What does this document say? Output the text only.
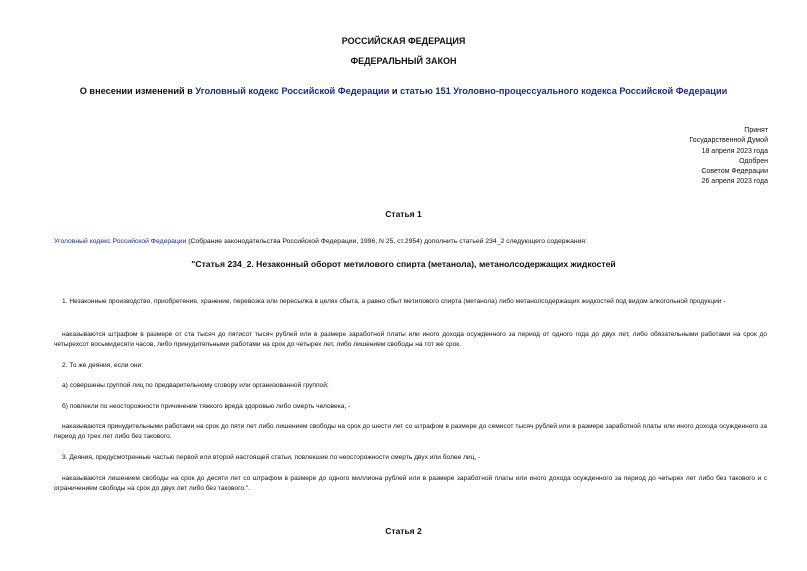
РОССИЙСКАЯ ФЕДЕРАЦИЯ
ФЕДЕРАЛЬНЫЙ ЗАКОН
О внесении изменений в Уголовный кодекс Российской Федерации и статью 151 Уголовно-процессуального кодекса Российской Федерации
Принят
Государственной Думой
18 апреля 2023 года
Одобрен
Советом Федерации
26 апреля 2023 года
Статья 1
Уголовный кодекс Российской Федерации (Собрание законодательства Российской Федерации, 1996, N 25, ст.2954) дополнить статьей 234_2 следующего содержания:
"Статья 234_2. Незаконный оборот метилового спирта (метанола), метанолсодержащих жидкостей
1. Незаконные производство, приобретение, хранение, перевозка или пересылка в целях сбыта, а равно сбыт метилового спирта (метанола) либо метанолсодержащих жидкостей под видом алкогольной продукции -
наказываются штрафом в размере от ста тысяч до пятисот тысяч рублей или в размере заработной платы или иного дохода осужденного за период от одного года до двух лет, либо обязательными работами на срок до четырехсот восьмидесяти часов, либо принудительными работами на срок до четырех лет, либо лишением свободы на тот же срок.
2. То же деяния, если они:
а) совершены группой лиц по предварительному сговору или организованной группой;
б) повлекли по неосторожности причинение тяжкого вреда здоровью либо смерть человека, -
наказываются принудительными работами на срок до пяти лет либо лишением свободы на срок до шести лет со штрафом в размере до семисот тысяч рублей или в размере заработной платы или иного дохода осужденного за период до трех лет либо без такового.
3. Деяния, предусмотренные частью первой или второй настоящей статьи, повлекшие по неосторожности смерть двух или более лиц, -
наказываются лишением свободы на срок до десяти лет со штрафом в размере до одного миллиона рублей или в размере заработной платы или иного дохода осужденного за период до четырех лет либо без такового и с ограничением свободы на срок до двух лет либо без такового.".
Статья 2
